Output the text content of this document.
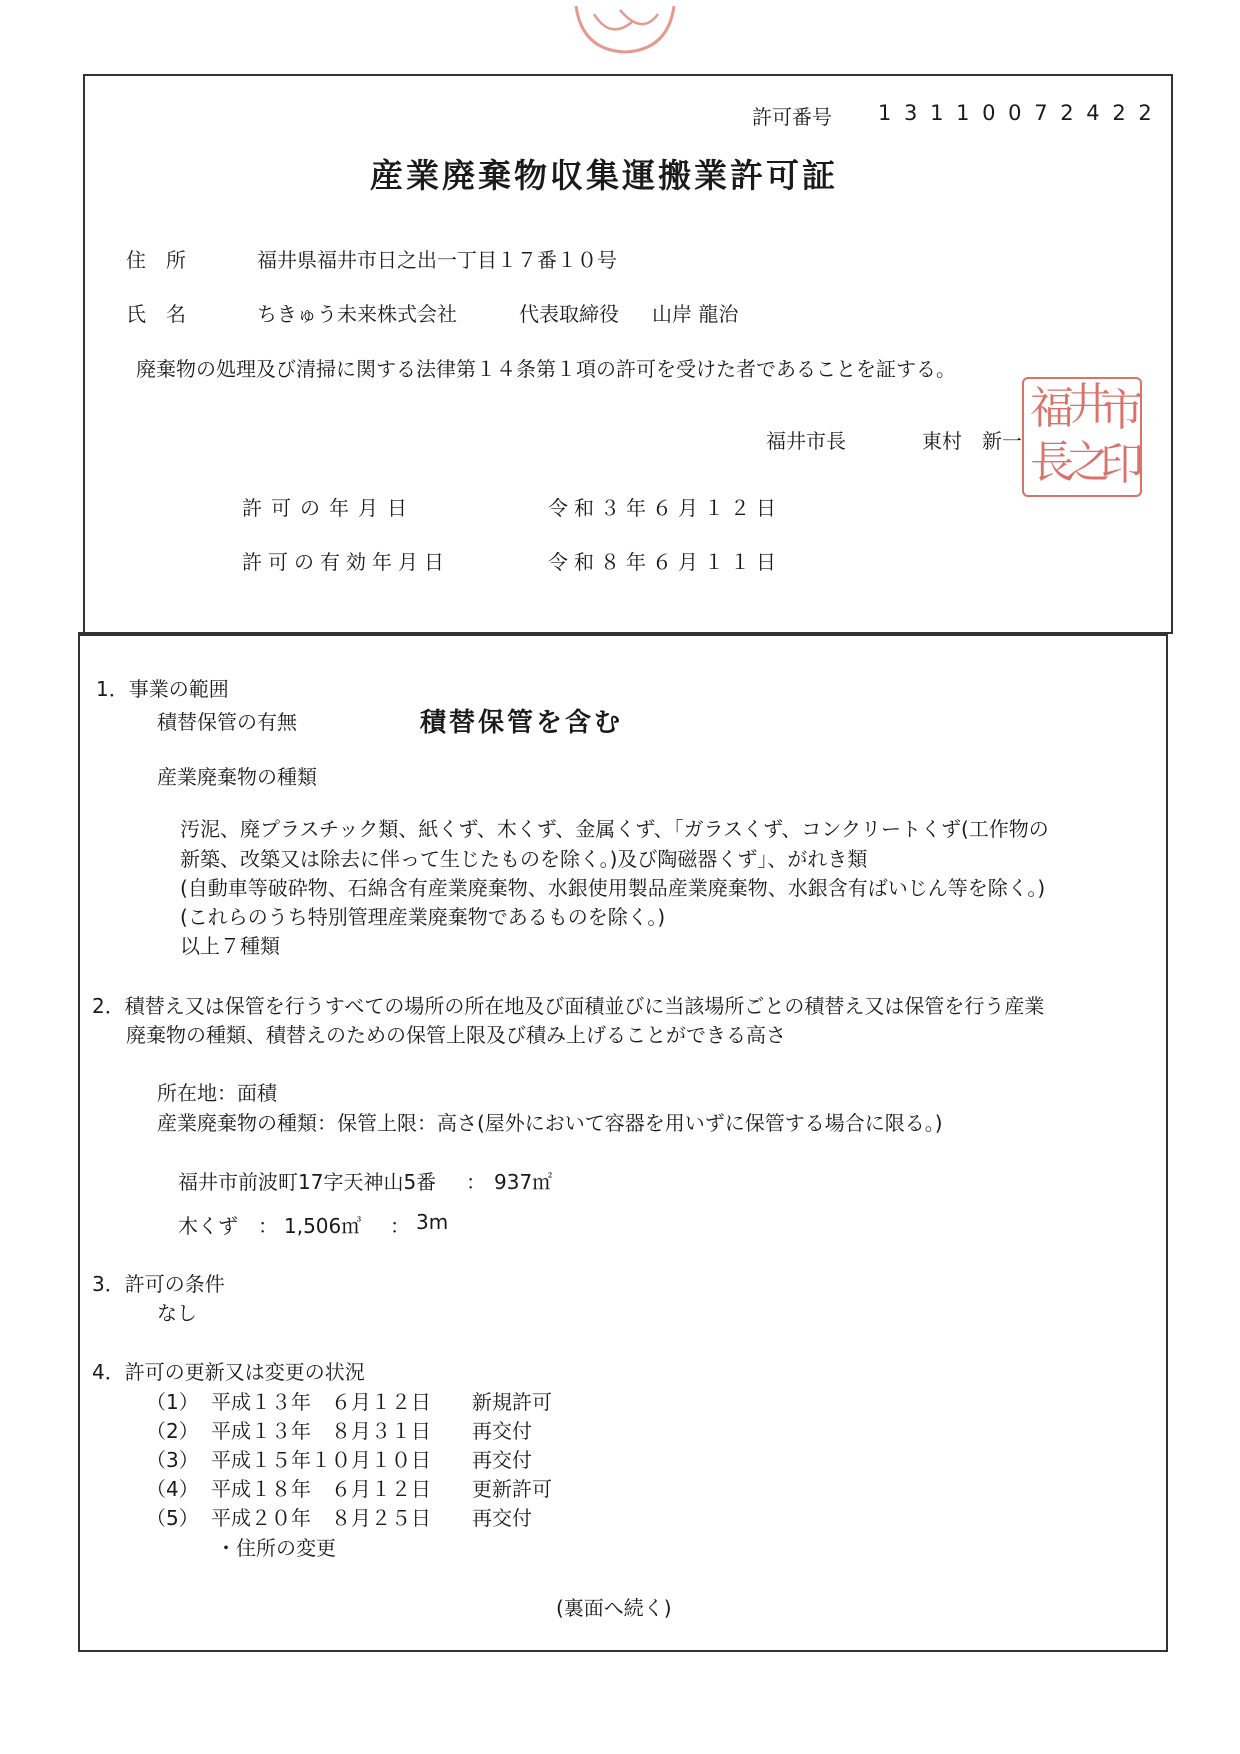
許可番号 1 3 1 1 0 0 7 2 4 2 2
産業廃棄物収集運搬業許可証
住　所	福井県福井市日之出一丁目１７番１０号
氏　名	ちきゅう未来株式会社	代表取締役 山岸 龍治
廃棄物の処理及び清掃に関する法律第１４条第１項の許可を受けた者であることを証する。
福井市長	東村　新一
福
井
市
長
之
印
許可の年月日	令和３年６月１２日
許可の有効年月日	令和８年６月１１日
1．事業の範囲
積替保管の有無	積替保管を含む
産業廃棄物の種類
汚泥、廃プラスチック類、紙くず、木くず、金属くず、「ガラスくず、コンクリートくず(工作物の
新築、改築又は除去に伴って生じたものを除く。)及び陶磁器くず」、がれき類
(自動車等破砕物、石綿含有産業廃棄物、水銀使用製品産業廃棄物、水銀含有ばいじん等を除く。)
(これらのうち特別管理産業廃棄物であるものを除く。)
以上７種類
2．積替え又は保管を行うすべての場所の所在地及び面積並びに当該場所ごとの積替え又は保管を行う産業
廃棄物の種類、積替えのための保管上限及び積み上げることができる高さ
所在地：面積
産業廃棄物の種類：保管上限：高さ(屋外において容器を用いずに保管する場合に限る。)
福井市前波町17字天神山5番 ： 937㎡
木くず ： 1,506㎥ ： 3m
3．許可の条件
なし
4．許可の更新又は変更の状況
（1） 平成１３年　６月１２日 新規許可
（2） 平成１３年　８月３１日 再交付
（3） 平成１５年１０月１０日 再交付
（4） 平成１８年　６月１２日 更新許可
（5） 平成２０年　８月２５日 再交付
・住所の変更
(裏面へ続く)
